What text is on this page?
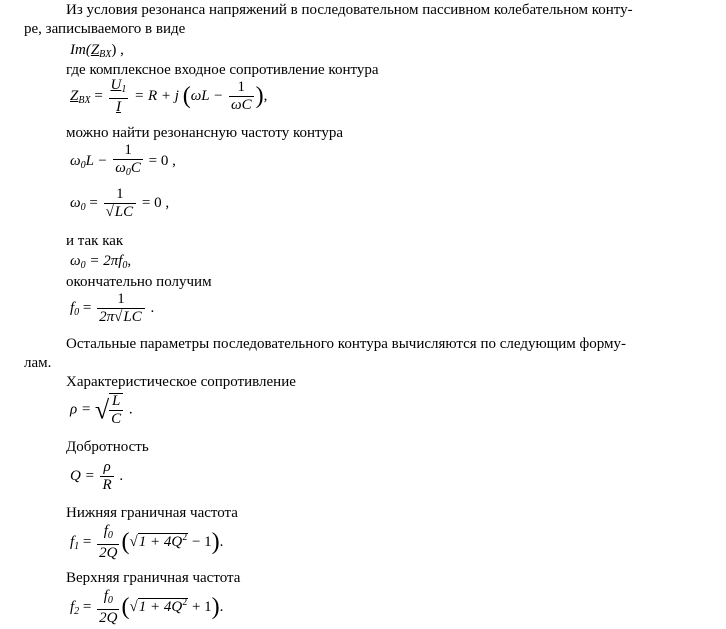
Из условия резонанса напряжений в последовательном пассивном колебательном конту-
ре, записываемого в виде
$Im(Z_{BX})$ ,
где комплексное входное сопротивление контура
$Z_{BX} = \frac{U_1}{I} = R + j$ ($\omega L - \frac{1}{\omega C}$ ),
можно найти резонансную частоту контура
$\omega_0L - \frac{1}{\omega_0C} = 0$ ,
$\omega_0 = \frac{1}{√LC} = 0$ ,
и так как
$\omega_0 = 2\pi f_0$,
окончательно получим
$f_0 = \frac{1}{2\pi√LC}$ .
Остальные параметры последовательного контура вычисляются по следующим форму-
лам.
Характеристическое сопротивление
ρ = √ $\frac{L}{C}$ .
Добротность
$Q = \frac{\rho}{R}$ .
Нижняя граничная частота
$f_1 = \frac{f_0}{2Q} (√1 + 4Q^2 - 1)$.
Верхняя граничная частота
$f_2 = \frac{f_0}{2Q} (√1 + 4Q^2 + 1)$.
